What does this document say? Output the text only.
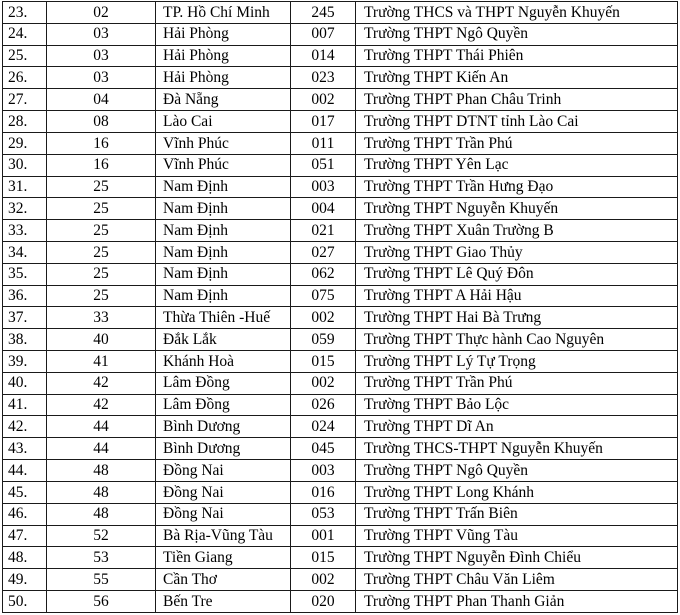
23.	02	TP. Hồ Chí Minh	245	Trường THCS và THPT Nguyễn Khuyến
24.	03	Hải Phòng	007	Trường THPT Ngô Quyền
25.	03	Hải Phòng	014	Trường THPT Thái Phiên
26.	03	Hải Phòng	023	Trường THPT Kiến An
27.	04	Đà Nẵng	002	Trường THPT Phan Châu Trinh
28.	08	Lào Cai	017	Trường THPT DTNT tỉnh Lào Cai
29.	16	Vĩnh Phúc	011	Trường THPT Trần Phú
30.	16	Vĩnh Phúc	051	Trường THPT Yên Lạc
31.	25	Nam Định	003	Trường THPT Trần Hưng Đạo
32.	25	Nam Định	004	Trường THPT Nguyễn Khuyến
33.	25	Nam Định	021	Trường THPT Xuân Trường B
34.	25	Nam Định	027	Trường THPT Giao Thủy
35.	25	Nam Định	062	Trường THPT Lê Quý Đôn
36.	25	Nam Định	075	Trường THPT A Hải Hậu
37.	33	Thừa Thiên -Huế	002	Trường THPT Hai Bà Trưng
38.	40	Đắk Lắk	059	Trường THPT Thực hành Cao Nguyên
39.	41	Khánh Hoà	015	Trường THPT Lý Tự Trọng
40.	42	Lâm Đồng	002	Trường THPT Trần Phú
41.	42	Lâm Đồng	026	Trường THPT Bảo Lộc
42.	44	Bình Dương	024	Trường THPT Dĩ An
43.	44	Bình Dương	045	Trường THCS-THPT Nguyễn Khuyến
44.	48	Đồng Nai	003	Trường THPT Ngô Quyền
45.	48	Đồng Nai	016	Trường THPT Long Khánh
46.	48	Đồng Nai	053	Trường THPT Trấn Biên
47.	52	Bà Rịa-Vũng Tàu	001	Trường THPT Vũng Tàu
48.	53	Tiền Giang	015	Trường THPT Nguyễn Đình Chiểu
49.	55	Cần Thơ	002	Trường THPT Châu Văn Liêm
50.	56	Bến Tre	020	Trường THPT Phan Thanh Giản
